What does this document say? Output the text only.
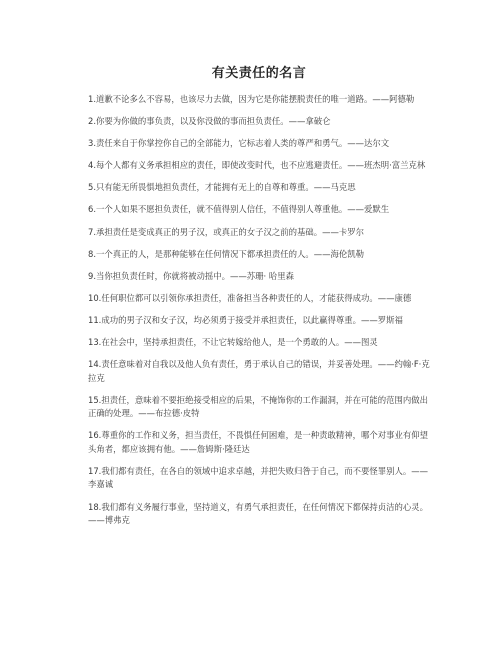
有关责任的名言
1.道歉不论多么不容易，也该尽力去做，因为它是你能摆脱责任的唯一道路。——阿德勒
2.你要为你做的事负责，以及你没做的事而担负责任。——拿破仑
3.责任来自于你掌控你自己的全部能力，它标志着人类的尊严和勇气。——达尔文
4.每个人都有义务承担相应的责任，即使改变时代，也不应逃避责任。——班杰明·富兰克林
5.只有能无所畏惧地担负责任，才能拥有无上的自尊和尊重。——马克思
6.一个人如果不愿担负责任，就不值得别人信任，不值得别人尊重他。——爱默生
7.承担责任是变成真正的男子汉，或真正的女子汉之前的基础。——卡罗尔
8.一个真正的人，是那种能够在任何情况下都承担责任的人。——海伦凯勒
9.当你担负责任时，你就将被动摇中。——苏珊· 哈里森
10.任何职位都可以引领你承担责任，准备担当各种责任的人，才能获得成功。——康德
11.成功的男子汉和女子汉，均必须勇于接受并承担责任，以此赢得尊重。——罗斯福
13.在社会中，坚持承担责任，不让它转嫁给他人，是一个勇敢的人。——图灵
14.责任意味着对自我以及他人负有责任，勇于承认自己的错误，并妥善处理。——约翰·F·克拉克
15.担责任，意味着不要拒绝接受相应的后果，不掩饰你的工作漏洞，并在可能的范围内做出正确的处理。——布拉德·皮特
16.尊重你的工作和义务，担当责任，不畏惧任何困难，是一种责敢精神，哪个对事业有仰望头角者，都应该拥有他。——詹姆斯·隆廷达
17.我们都有责任，在各自的领域中追求卓越，并把失败归咎于自己，而不要怪罪别人。——李嘉诚
18.我们都有义务履行事业，坚持道义，有勇气承担责任，在任何情况下都保持贞洁的心灵。——博弗克
